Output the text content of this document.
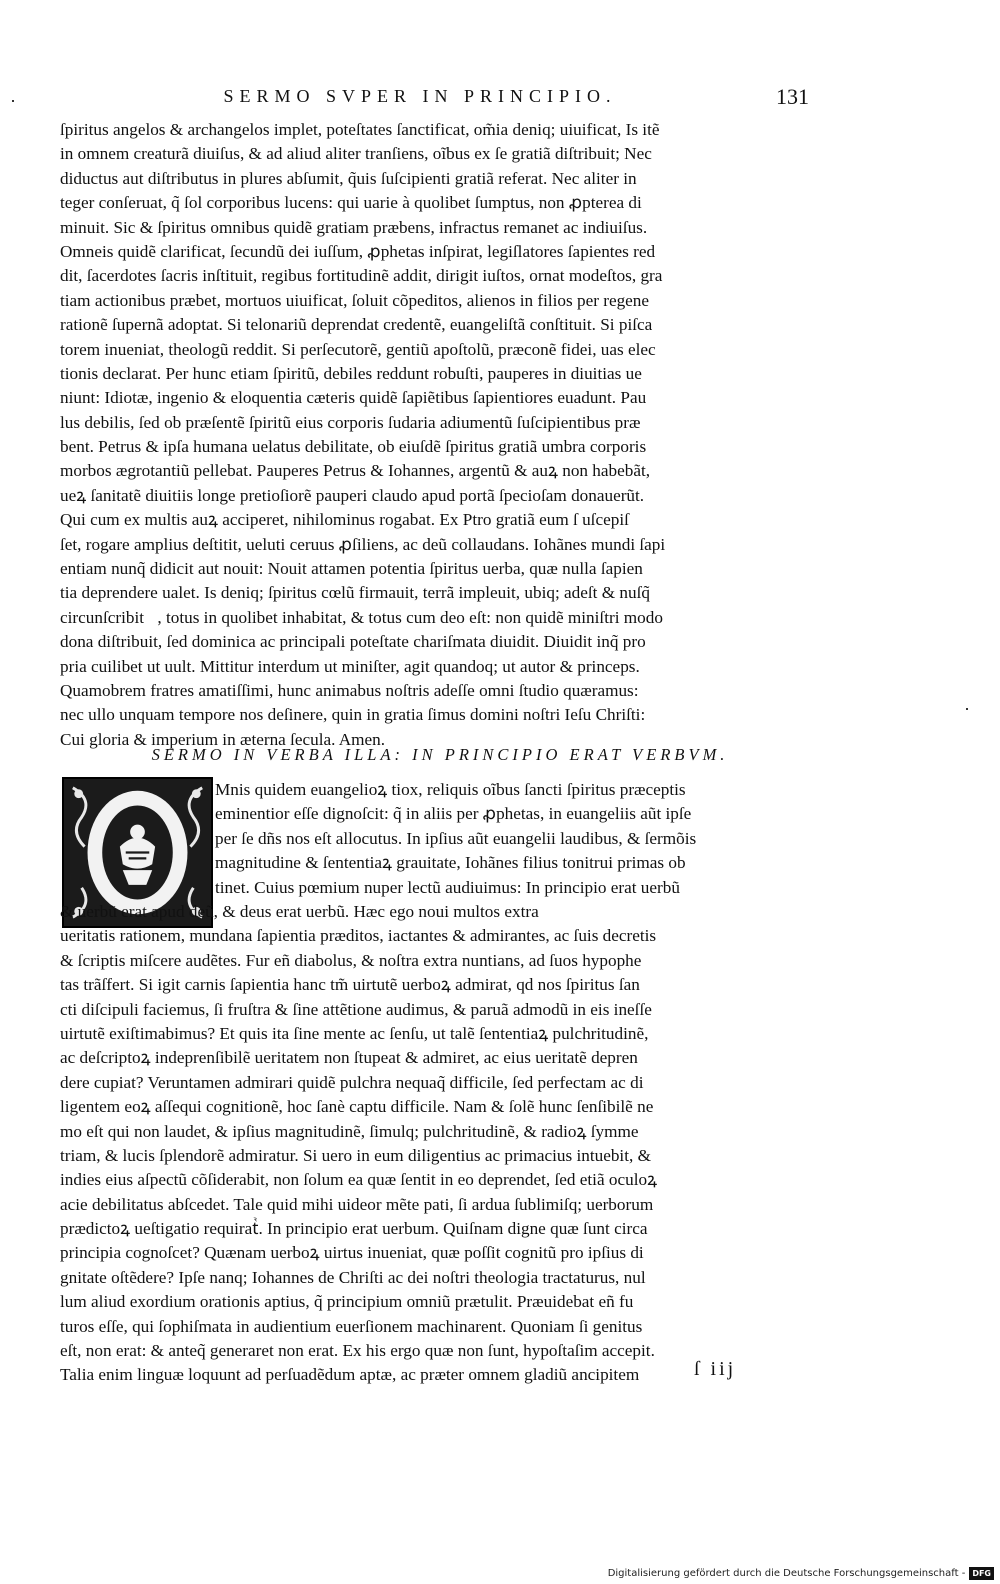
SERMO SVPER IN PRINCIPIO.	131
ſpiritus angelos & archangelos implet, poteſtates ſanctificat, om̃ia deniq; uiuificat, Is itẽ
in omnem creaturã diuiſus, & ad aliud aliter tranſiens, oĩbus ex ſe gratiã diſtribuit; Nec
diductus aut diſtributus in plures abſumit, q̃uis ſuſcipienti gratiã referat. Nec aliter in
teger conſeruat, q̃ ſol corporibus lucens: qui uarie à quolibet ſumptus, non ꝓpterea di
minuit. Sic & ſpiritus omnibus quidẽ gratiam præbens, infractus remanet ac indiuiſus.
Omneis quidẽ clarificat, ſecundũ dei iuſſum, ꝓphetas inſpirat, legiſlatores ſapientes red
dit, ſacerdotes ſacris inſtituit, regibus fortitudinẽ addit, dirigit iuſtos, ornat modeſtos, gra
tiam actionibus præbet, mortuos uiuificat, ſoluit cõpeditos, alienos in filios per regene
rationẽ ſupernã adoptat. Si telonariũ deprendat credentẽ, euangeliſtã conſtituit. Si piſca
torem inueniat, theologũ reddit. Si perſecutorẽ, gentiũ apoſtolũ, præconẽ fidei, uas elec
tionis declarat. Per hunc etiam ſpiritũ, debiles reddunt robuſti, pauperes in diuitias ue
niunt: Idiotæ, ingenio & eloquentia cæteris quidẽ ſapiẽtibus ſapientiores euadunt. Pau
lus debilis, ſed ob præſentẽ ſpiritũ eius corporis ſudaria adiumentũ ſuſcipientibus præ
bent. Petrus & ipſa humana uelatus debilitate, ob eiuſdẽ ſpiritus gratiã umbra corporis
morbos ægrotantiũ pellebat. Pauperes Petrus & Iohannes, argentũ & auꝝ non habebãt,
ueꝝ ſanitatẽ diuitiis longe pretioſiorẽ pauperi claudo apud portã ſpecioſam donauerũt.
Qui cum ex multis auꝝ acciperet, nihilominus rogabat. Ex Ptro gratiã eum ſ uſcepiſ
ſet, rogare amplius deſtitit, ueluti ceruus ꝓſiliens, ac deũ collaudans. Iohãnes mundi ſapi
entiam nunq̃ didicit aut nouit: Nouit attamen potentia ſpiritus uerba, quæ nulla ſapien
tia deprendere ualet. Is deniq; ſpiritus cœlũ firmauit, terrã impleuit, ubiq; adeſt & nuſq̃
circunſcribitᷣ, totus in quolibet inhabitat, & totus cum deo eſt: non quidẽ miniſtri modo
dona diſtribuit, ſed dominica ac principali poteſtate chariſmata diuidit. Diuidit inq̃ pro
pria cuilibet ut uult. Mittitur interdum ut miniſter, agit quandoq; ut autor & princeps.
Quamobrem fratres amatiſſimi, hunc animabus noſtris adeſſe omni ſtudio quæramus:
nec ullo unquam tempore nos deſinere, quin in gratia ſimus domini noſtri Ieſu Chriſti:
Cui gloria & imperium in æterna ſecula. Amen.
SERMO IN VERBA ILLA: IN PRINCIPIO ERAT VERBVM.
Mnis quidem euangelioꝝ tiox, reliquis oĩbus ſancti ſpiritus præceptis
eminentior eſſe dignoſcit: q̃ in aliis per ꝓphetas, in euangeliis aũt ipſe
per ſe dñs nos eſt allocutus. In ipſius aũt euangelii laudibus, & ſermõis
magnitudine & ſententiaꝝ grauitate, Iohãnes filius tonitrui primas ob
tinet. Cuius pœmium nuper lectũ audiuimus: In principio erat uerbũ
& uerbũ erat apud deũ, & deus erat uerbũ. Hæc ego noui multos extra
ueritatis rationem, mundana ſapientia præditos, iactantes & admirantes, ac ſuis decretis
& ſcriptis miſcere audẽtes. Fur eñ diabolus, & noſtra extra nuntians, ad ſuos hypophe
tas trãſfert. Si igit carnis ſapientia hanc tm̃ uirtutẽ uerboꝝ admirat, qd nos ſpiritus ſan
cti diſcipuli faciemus, ſi fruſtra & ſine attẽtione audimus, & paruã admodũ in eis ineſſe
uirtutẽ exiſtimabimus? Et quis ita ſine mente ac ſenſu, ut talẽ ſententiaꝝ pulchritudinẽ,
ac deſcriptoꝝ indeprenſibilẽ ueritatem non ſtupeat & admiret, ac eius ueritatẽ depren
dere cupiat? Veruntamen admirari quidẽ pulchra nequaq̃ difficile, ſed perfectam ac di
ligentem eoꝝ aſſequi cognitionẽ, hoc ſanè captu difficile. Nam & ſolẽ hunc ſenſibilẽ ne
mo eſt qui non laudet, & ipſius magnitudinẽ, ſimulq; pulchritudinẽ, & radioꝝ ſymme
triam, & lucis ſplendorẽ admiratur. Si uero in eum diligentius ac primacius intuebit, &
indies eius aſpectũ cõſiderabit, non ſolum ea quæ ſentit in eo deprendet, ſed etiã oculoꝝ
acie debilitatus abſcedet. Tale quid mihi uideor mẽte pati, ſi ardua ſublimiſq; uerborum
prædictoꝝ ueſtigatio requiratᷣ. In principio erat uerbum. Quiſnam digne quæ ſunt circa
principia cognoſcet? Quænam uerboꝝ uirtus inueniat, quæ poſſit cognitũ pro ipſius di
gnitate oſtẽdere? Ipſe nanq; Iohannes de Chriſti ac dei noſtri theologia tractaturus, nul
lum aliud exordium orationis aptius, q̃ principium omniũ prætulit. Præuidebat eñ fu
turos eſſe, qui ſophiſmata in audientium euerſionem machinarent. Quoniam ſi genitus
eſt, non erat: & anteq̃ generaret non erat. Ex his ergo quæ non ſunt, hypoſtaſim accepit.
Talia enim linguæ loquunt ad perſuadẽdum aptæ, ac præter omnem gladiũ ancipitem	ſ iij
Digitalisierung gefördert durch die Deutsche Forschungsgemeinschaft - DFG
